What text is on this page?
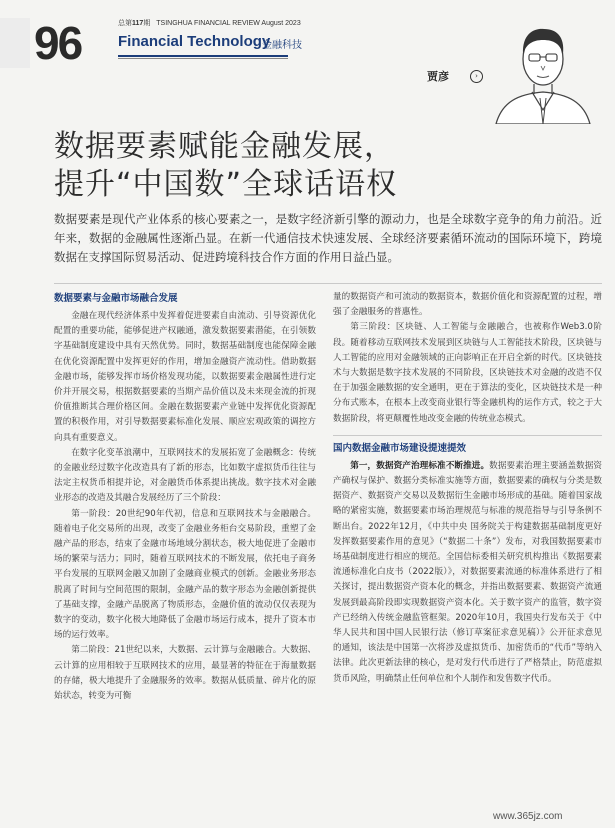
96	总第117期 TSINGHUA FINANCIAL REVIEW August 2023
Financial Technology
金融科技
贾彦	›
数据要素赋能金融发展，
提升“中国数”全球话语权
数据要素是现代产业体系的核心要素之一，是数字经济新引擎的源动力，也是全球数字竞争的角力前沿。近年来，数据的金融属性逐渐凸显。在新一代通信技术快速发展、全球经济要素循环流动的国际环境下，跨境数据在支撑国际贸易活动、促进跨境科技合作方面的作用日益凸显。
数据要素与金融市场融合发展

金融在现代经济体系中发挥着促进要素自由流动、引导资源优化配置的重要功能，能够促进产权融通，激发数据要素潜能，在引领数字基础制度建设中具有天然优势。同时，数据基础制度也能保障金融在优化资源配置中发挥更好的作用，增加金融资产流动性。借助数据金融市场，能够发挥市场价格发现功能，以数据要素金融属性进行定价并开展交易，根据数据要素的当期产品价值以及未来现金流的折现价值推断其合理价格区间。金融在数据要素产业链中发挥优化资源配置的积极作用，对引导数据要素标准化发展、顺应宏观政策的调控方向具有重要意义。

在数字化变革浪潮中，互联网技术的发展拓宽了金融概念：传统的金融业经过数字化改造具有了新的形态，比如数字虚拟货币往往与法定主权货币相提并论，对金融货币体系提出挑战。数字技术对金融业形态的改造及其融合发展经历了三个阶段：

第一阶段：20世纪90年代初，信息和互联网技术与金融融合。随着电子化交易所的出现，改变了金融业务柜台交易阶段，重塑了金融产品的形态，结束了金融市场地域分割状态，极大地促进了金融市场的繁荣与活力；同时，随着互联网技术的不断发展，依托电子商务平台发展的互联网金融又加剧了金融商业模式的创新。金融业务形态脱离了时间与空间范围的限制，金融产品的数字形态为金融创新提供了基础支撑，金融产品脱离了物质形态，金融价值的流动仅仅表现为数字的变动，数字化极大地降低了金融市场运行成本，提升了资本市场的运行效率。

第二阶段：21世纪以来，大数据、云计算与金融融合。大数据、云计算的应用相较于互联网技术的应用，最显著的特征在于海量数据的存储，极大地提升了金融服务的效率。数据从低质量、碎片化的原始状态，转变为可衡

量的数据资产和可流动的数据资本，数据价值化和资源配置的过程，增强了金融服务的普惠性。

第三阶段：区块链、人工智能与金融融合，也被称作Web3.0阶段。随着移动互联网技术发展到区块链与人工智能技术阶段，区块链与人工智能的应用对金融领域的正向影响正在开启全新的时代。区块链技术与大数据是数字技术发展的不同阶段，区块链技术对金融的改造不仅在于加强金融数据的安全通明，更在于算法的变化，区块链技术是一种分布式账本，在根本上改变商业银行等金融机构的运作方式，较之于大数据阶段，将更颠覆性地改变金融的传统业态模式。

国内数据金融市场建设提速提效

第一，数据资产治理标准不断推进。数据要素治理主要涵盖数据资产确权与保护、数据分类标准实施等方面，数据要素的确权与分类是数据资产、数据资产交易以及数据衍生金融市场形成的基础。随着国家战略的紧密实施，数据要素市场治理规范与标准的规范指导与引导条例不断出台。2022年12月，《中共中央 国务院关于构建数据基础制度更好发挥数据要素作用的意见》（“数据二十条”）发布，对我国数据要素市场基础制度进行相应的规范。全国信标委相关研究机构推出《数据要素流通标准化白皮书（2022版）》，对数据要素流通的标准体系进行了相关探讨，提出数据资产资本化的概念，并指出数据要素、数据资产流通发展到最高阶段即实现数据资产资本化。关于数字资产的监管，数字资产已经纳入传统金融监管框架。2020年10月，我国央行发布关于《中华人民共和国中国人民银行法（修订草案征求意见稿）》公开征求意见的通知，该法是中国第一次将涉及虚拟货币、加密货币的“代币”等纳入法律。此次更新法律的核心，是对发行代币进行了严格禁止，防范虚拟货币风险，明确禁止任何单位和个人制作和发售数字代币。

www.365jz.com
